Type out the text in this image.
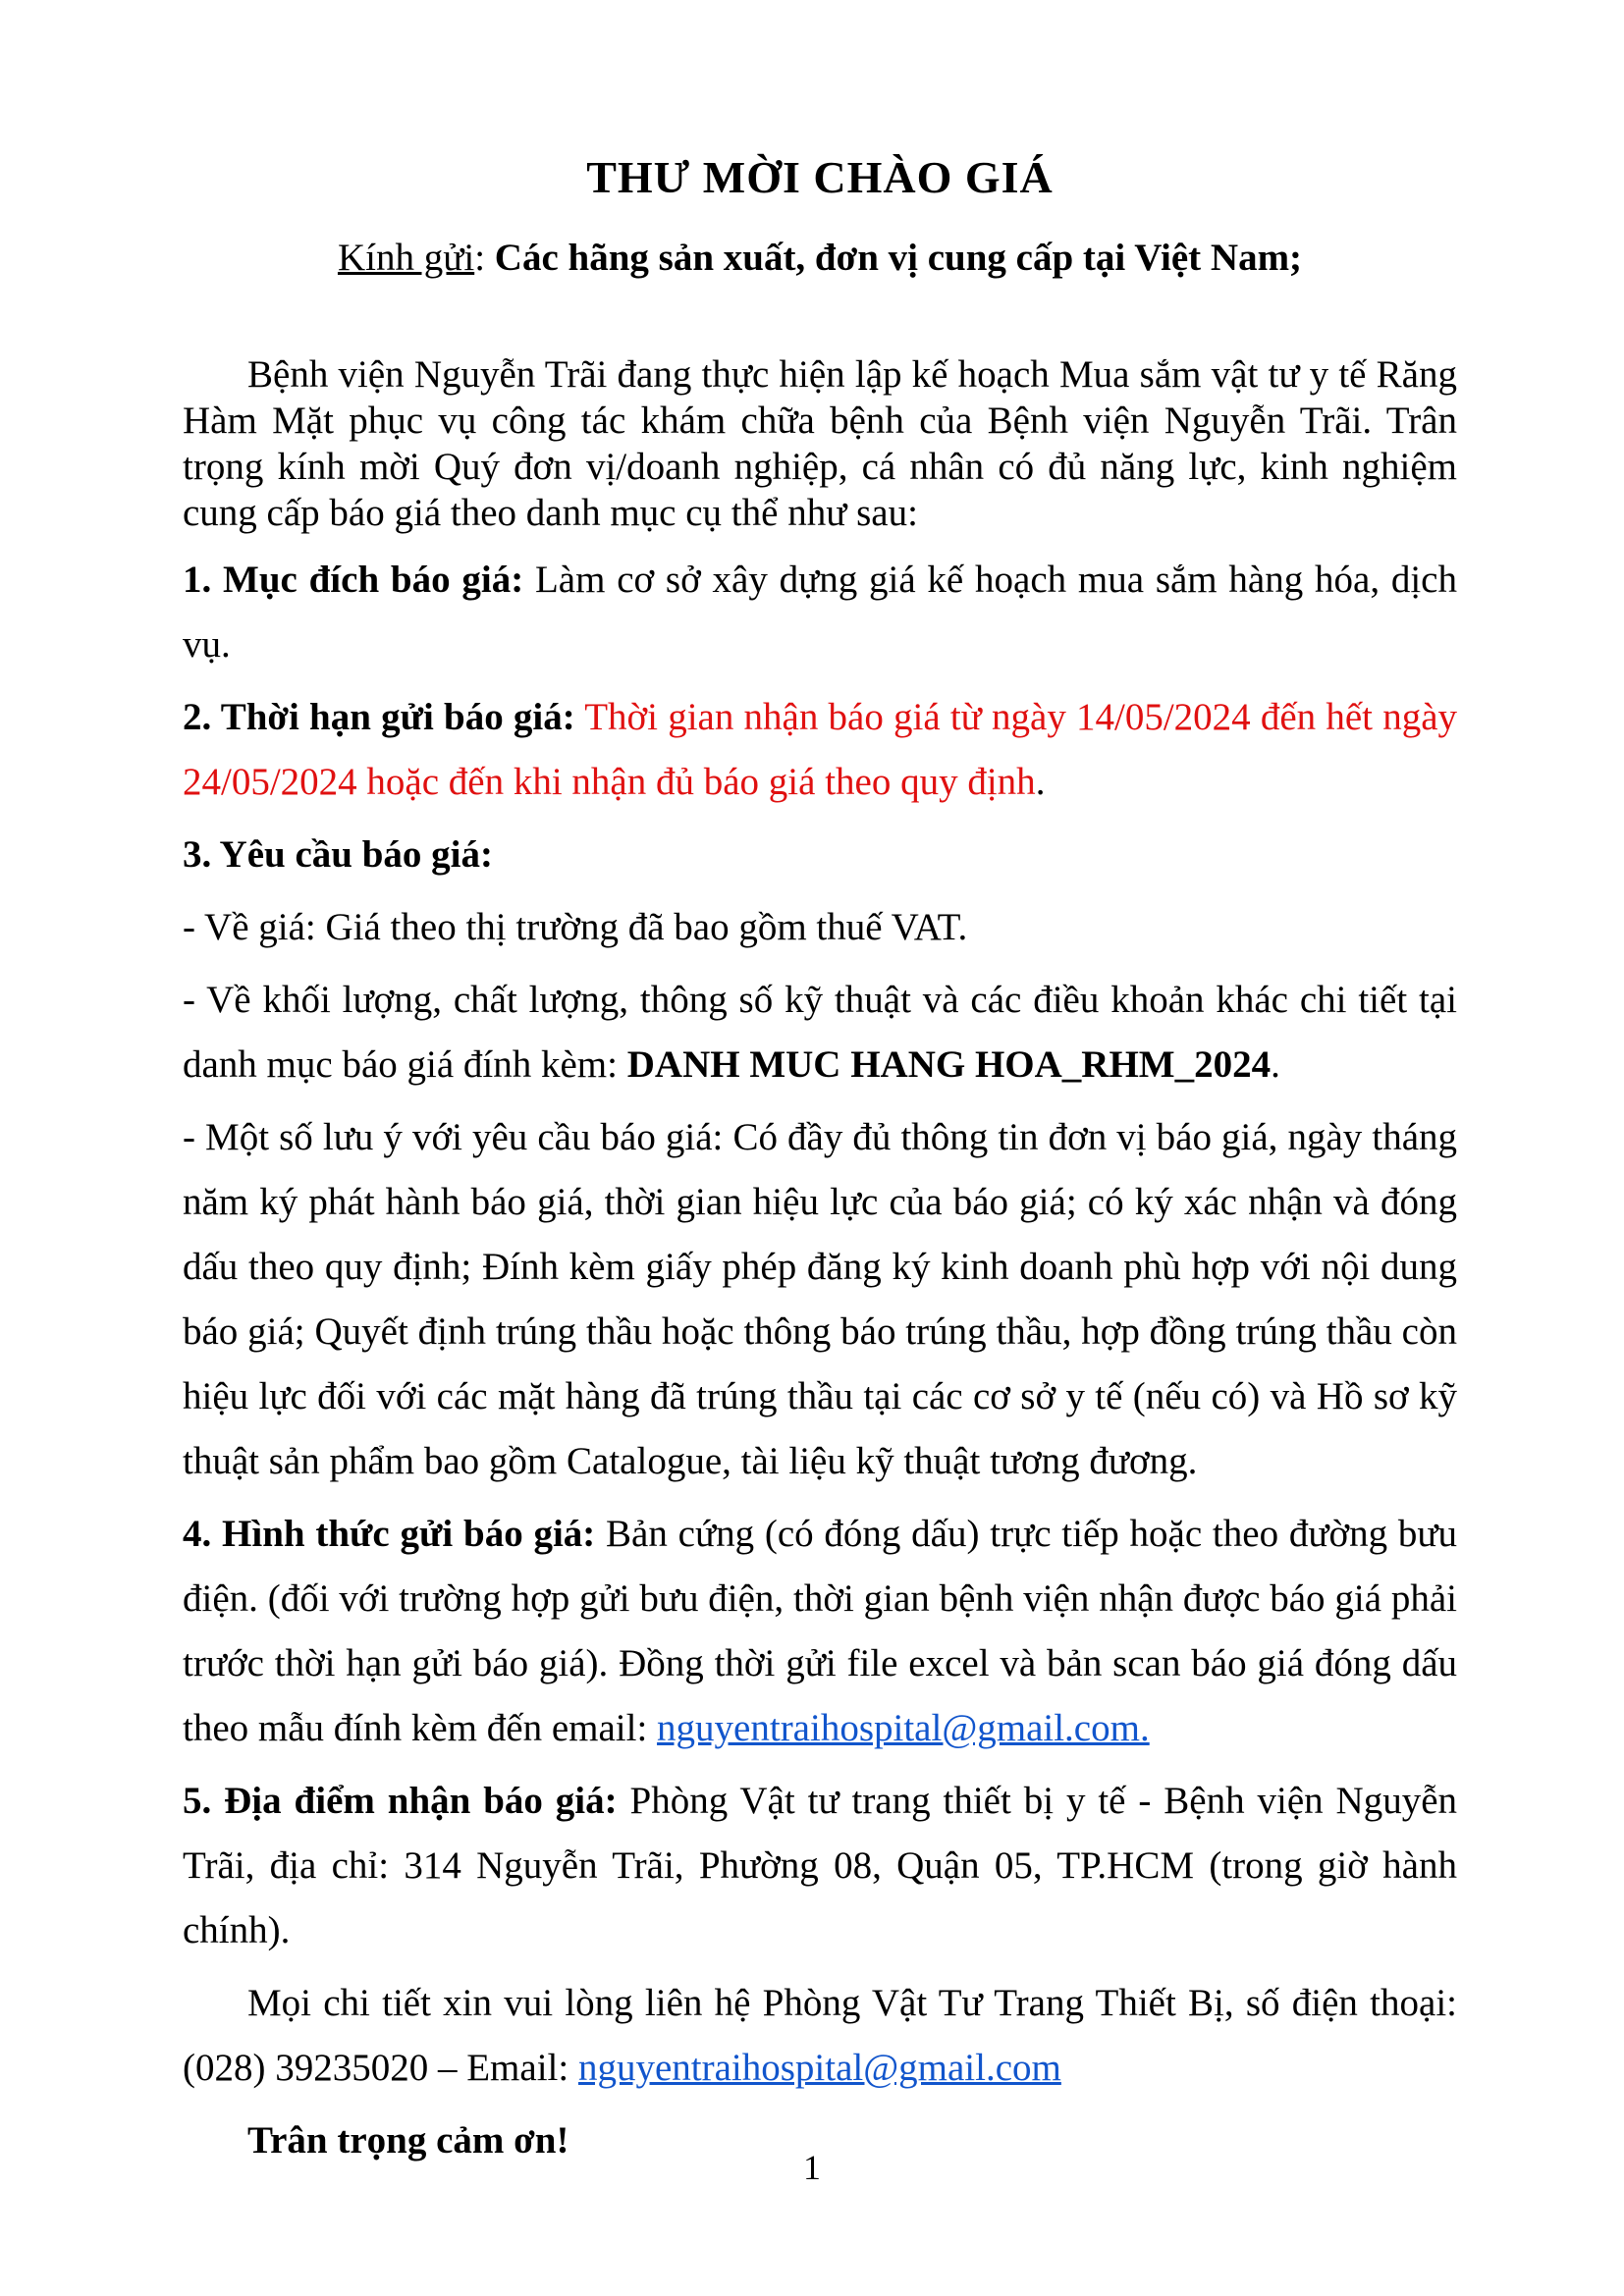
THƯ MỜI CHÀO GIÁ
Kính gửi: Các hãng sản xuất, đơn vị cung cấp tại Việt Nam;

Bệnh viện Nguyễn Trãi đang thực hiện lập kế hoạch Mua sắm vật tư y tế Răng Hàm Mặt phục vụ công tác khám chữa bệnh của Bệnh viện Nguyễn Trãi. Trân trọng kính mời Quý đơn vị/doanh nghiệp, cá nhân có đủ năng lực, kinh nghiệm cung cấp báo giá theo danh mục cụ thể như sau:

1. Mục đích báo giá: Làm cơ sở xây dựng giá kế hoạch mua sắm hàng hóa, dịch vụ.

2. Thời hạn gửi báo giá: Thời gian nhận báo giá từ ngày 14/05/2024 đến hết ngày 24/05/2024 hoặc đến khi nhận đủ báo giá theo quy định.

3. Yêu cầu báo giá:

- Về giá: Giá theo thị trường đã bao gồm thuế VAT.

- Về khối lượng, chất lượng, thông số kỹ thuật và các điều khoản khác chi tiết tại danh mục báo giá đính kèm: DANH MUC HANG HOA_RHM_2024.

- Một số lưu ý với yêu cầu báo giá: Có đầy đủ thông tin đơn vị báo giá, ngày tháng năm ký phát hành báo giá, thời gian hiệu lực của báo giá; có ký xác nhận và đóng dấu theo quy định; Đính kèm giấy phép đăng ký kinh doanh phù hợp với nội dung báo giá; Quyết định trúng thầu hoặc thông báo trúng thầu, hợp đồng trúng thầu còn hiệu lực đối với các mặt hàng đã trúng thầu tại các cơ sở y tế (nếu có) và Hồ sơ kỹ thuật sản phẩm bao gồm Catalogue, tài liệu kỹ thuật tương đương.

4. Hình thức gửi báo giá: Bản cứng (có đóng dấu) trực tiếp hoặc theo đường bưu điện. (đối với trường hợp gửi bưu điện, thời gian bệnh viện nhận được báo giá phải trước thời hạn gửi báo giá). Đồng thời gửi file excel và bản scan báo giá đóng dấu theo mẫu đính kèm đến email: nguyentraihospital@gmail.com.

5. Địa điểm nhận báo giá: Phòng Vật tư trang thiết bị y tế - Bệnh viện Nguyễn Trãi, địa chỉ: 314 Nguyễn Trãi, Phường 08, Quận 05, TP.HCM (trong giờ hành chính).

Mọi chi tiết xin vui lòng liên hệ Phòng Vật Tư Trang Thiết Bị, số điện thoại: (028) 39235020 – Email: nguyentraihospital@gmail.com

Trân trọng cảm ơn!

1
